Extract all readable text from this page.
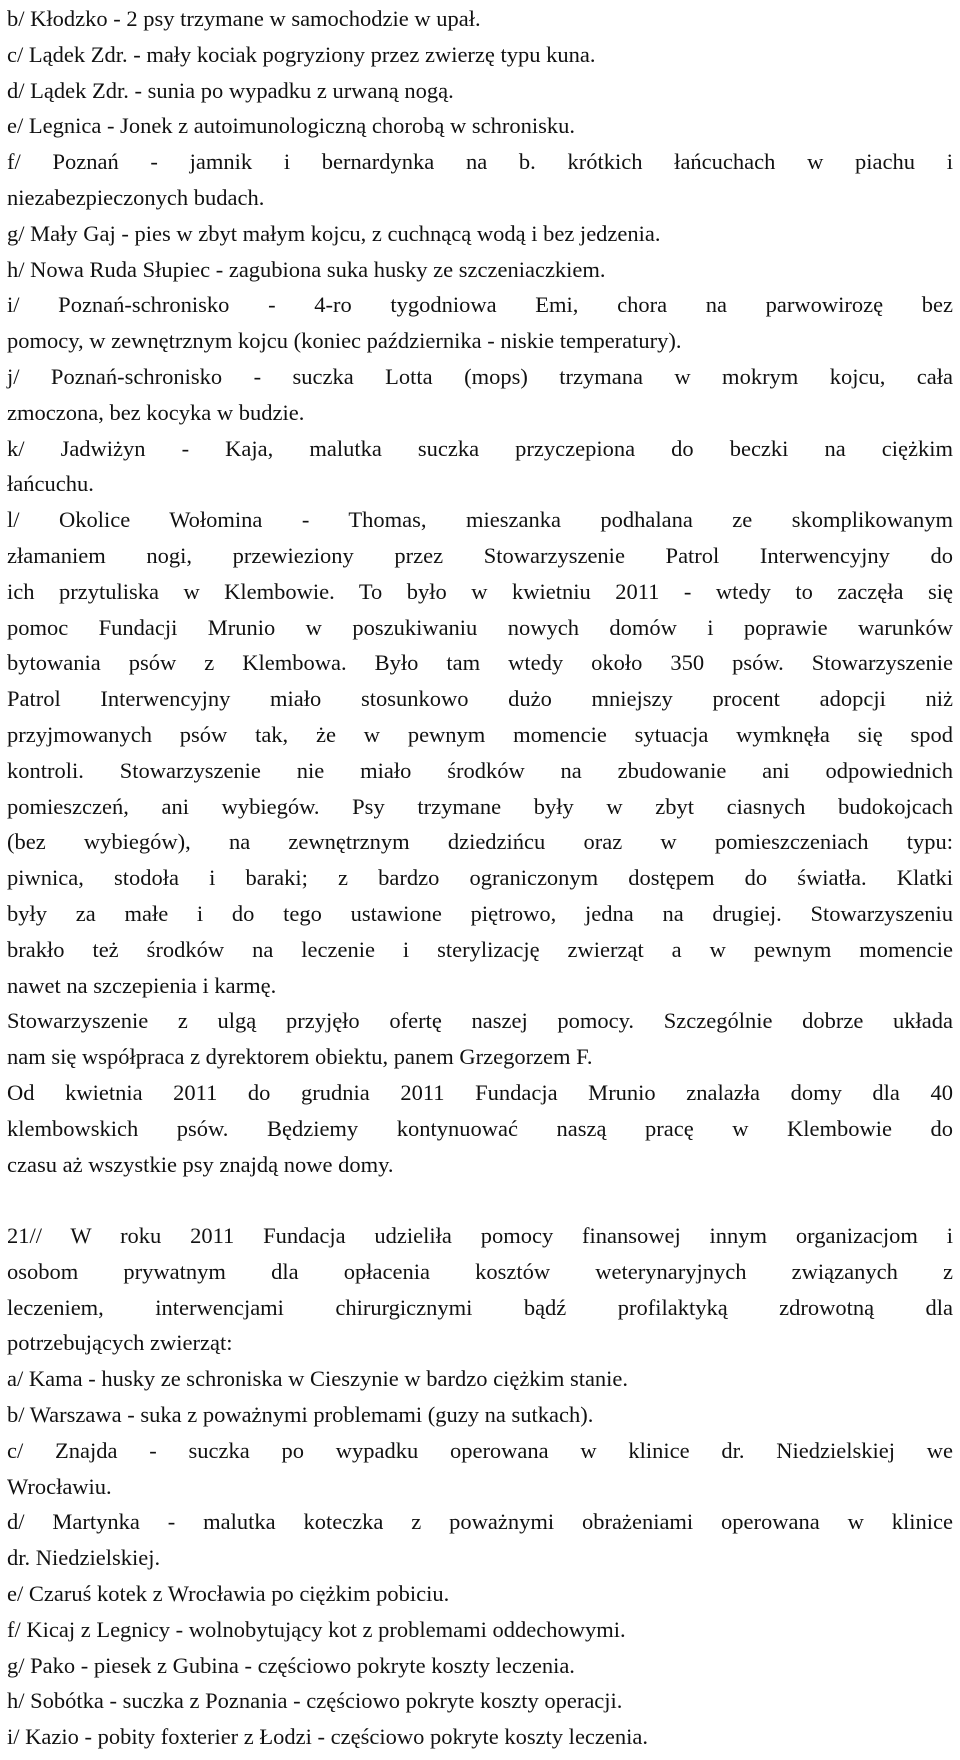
b/ Kłodzko - 2 psy trzymane w samochodzie w upał.
c/ Lądek Zdr. - mały kociak pogryziony przez zwierzę typu kuna.
d/ Lądek Zdr. - sunia po wypadku z urwaną nogą.
e/ Legnica - Jonek z autoimunologiczną chorobą w schronisku.
f/ Poznań - jamnik i bernardynka na b. krótkich łańcuchach w piachu i
niezabezpieczonych budach.
g/ Mały Gaj - pies w zbyt małym kojcu, z cuchnącą wodą i bez jedzenia.
h/ Nowa Ruda Słupiec - zagubiona suka husky ze szczeniaczkiem.
i/ Poznań-schronisko - 4-ro tygodniowa Emi, chora na parwowirozę bez
pomocy, w zewnętrznym kojcu (koniec października - niskie temperatury).
j/ Poznań-schronisko - suczka Lotta (mops) trzymana w mokrym kojcu, cała
zmoczona, bez kocyka w budzie.
k/ Jadwiżyn - Kaja, malutka suczka przyczepiona do beczki na ciężkim
łańcuchu.
l/ Okolice Wołomina - Thomas, mieszanka podhalana ze skomplikowanym
złamaniem nogi, przewieziony przez Stowarzyszenie Patrol Interwencyjny do
ich przytuliska w Klembowie. To było w kwietniu 2011 - wtedy to zaczęła się
pomoc Fundacji Mrunio w poszukiwaniu nowych domów i poprawie warunków
bytowania psów z Klembowa. Było tam wtedy około 350 psów. Stowarzyszenie
Patrol Interwencyjny miało stosunkowo dużo mniejszy procent adopcji niż
przyjmowanych psów tak, że w pewnym momencie sytuacja wymknęła się spod
kontroli. Stowarzyszenie nie miało środków na zbudowanie ani odpowiednich
pomieszczeń, ani wybiegów. Psy trzymane były w zbyt ciasnych budokojcach
(bez wybiegów), na zewnętrznym dziedzińcu oraz w pomieszczeniach typu:
piwnica, stodoła i baraki; z bardzo ograniczonym dostępem do światła. Klatki
były za małe i do tego ustawione piętrowo, jedna na drugiej. Stowarzyszeniu
brakło też środków na leczenie i sterylizację zwierząt a w pewnym momencie
nawet na szczepienia i karmę.
Stowarzyszenie z ulgą przyjęło ofertę naszej pomocy. Szczególnie dobrze układa
nam się współpraca z dyrektorem obiektu, panem Grzegorzem F.
Od kwietnia 2011 do grudnia 2011 Fundacja Mrunio znalazła domy dla 40
klembowskich psów. Będziemy kontynuować naszą pracę w Klembowie do
czasu aż wszystkie psy znajdą nowe domy.
21// W roku 2011 Fundacja udzieliła pomocy finansowej innym organizacjom i
osobom prywatnym dla opłacenia kosztów weterynaryjnych związanych z
leczeniem, interwencjami chirurgicznymi bądź profilaktyką zdrowotną dla
potrzebujących zwierząt:
a/ Kama - husky ze schroniska w Cieszynie w bardzo ciężkim stanie.
b/ Warszawa - suka z poważnymi problemami (guzy na sutkach).
c/ Znajda - suczka po wypadku operowana w klinice dr. Niedzielskiej we
Wrocławiu.
d/ Martynka - malutka koteczka z poważnymi obrażeniami operowana w klinice
dr. Niedzielskiej.
e/ Czaruś kotek z Wrocławia po ciężkim pobiciu.
f/ Kicaj z Legnicy - wolnobytujący kot z problemami oddechowymi.
g/ Pako - piesek z Gubina - częściowo pokryte koszty leczenia.
h/ Sobótka - suczka z Poznania - częściowo pokryte koszty operacji.
i/ Kazio - pobity foxterier z Łodzi - częściowo pokryte koszty leczenia.
